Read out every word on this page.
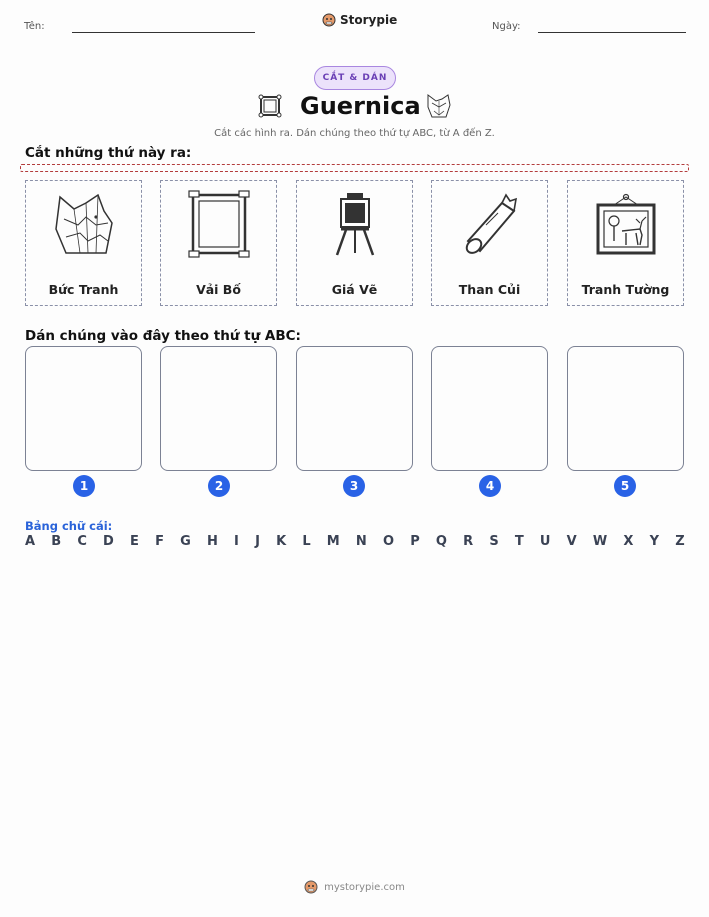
Tên:	Storypie	Ngày:
CẮT & DÁN
Guernica
Cắt các hình ra. Dán chúng theo thứ tự ABC, từ A đến Z.
Cắt những thứ này ra:
Bức Tranh	Vải Bố	Giá Vẽ	Than Củi	Tranh Tường
Dán chúng vào đây theo thứ tự ABC:
1	2	3	4	5
Bảng chữ cái:
A B C D E F G H I J K L M N O P Q R S T U V W X Y Z
mystorypie.com
